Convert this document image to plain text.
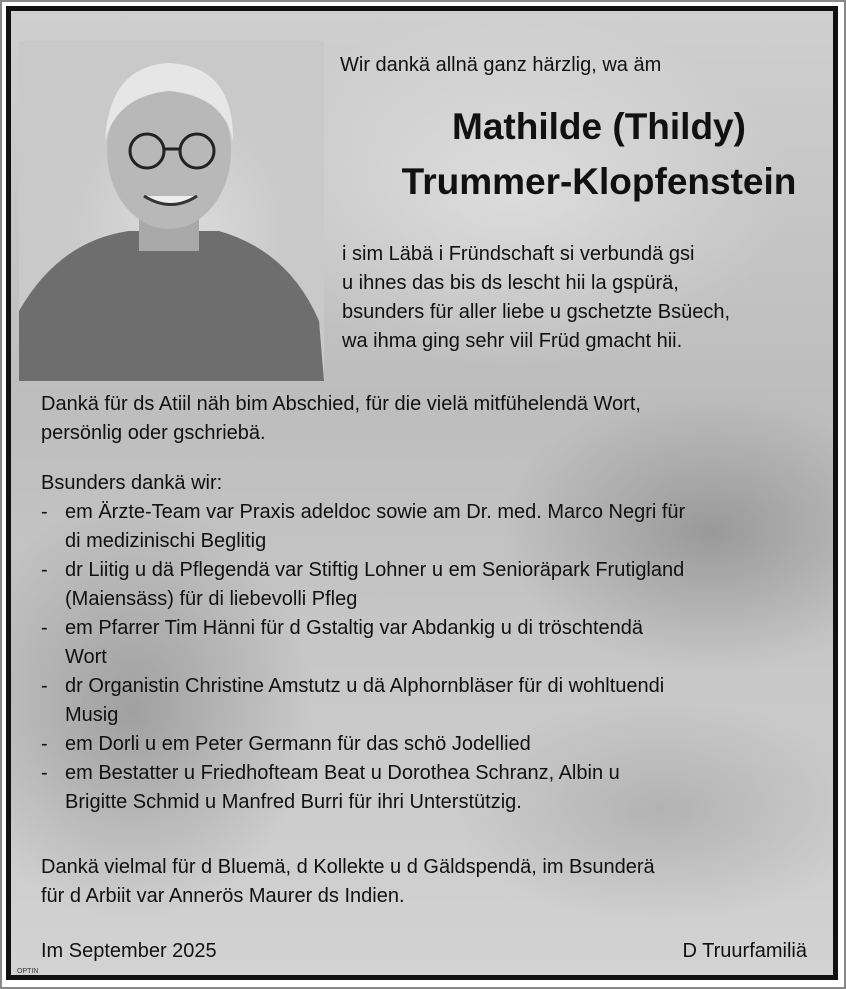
Wir dankä allnä ganz härzlig, wa äm
Mathilde (Thildy)
Trummer-Klopfenstein
i sim Läbä i Fründschaft si verbundä gsi
u ihnes das bis ds lescht hii la gspürä,
bsunders für aller liebe u gschetzte Bsüech,
wa ihma ging sehr viil Früd gmacht hii.
Dankä für ds Atiil näh bim Abschied, für die vielä mitfühelendä Wort,
persönlig oder gschriebä.
Bsunders dankä wir:
- em Ärzte-Team var Praxis adeldoc sowie am Dr. med. Marco Negri für
di medizinischi Beglitig
- dr Liitig u dä Pflegendä var Stiftig Lohner u em Senioräpark Frutigland
(Maiensäss) für di liebevolli Pfleg
- em Pfarrer Tim Hänni für d Gstaltig var Abdankig u di tröschtendä
Wort
- dr Organistin Christine Amstutz u dä Alphornbläser für di wohltuendi
Musig
- em Dorli u em Peter Germann für das schö Jodellied
- em Bestatter u Friedhofteam Beat u Dorothea Schranz, Albin u
Brigitte Schmid u Manfred Burri für ihri Unterstützig.
Dankä vielmal für d Bluemä, d Kollekte u d Gäldspendä, im Bsunderä
für d Arbiit var Annerös Maurer ds Indien.
Im September 2025	D Truurfamiliä
OPTIN
